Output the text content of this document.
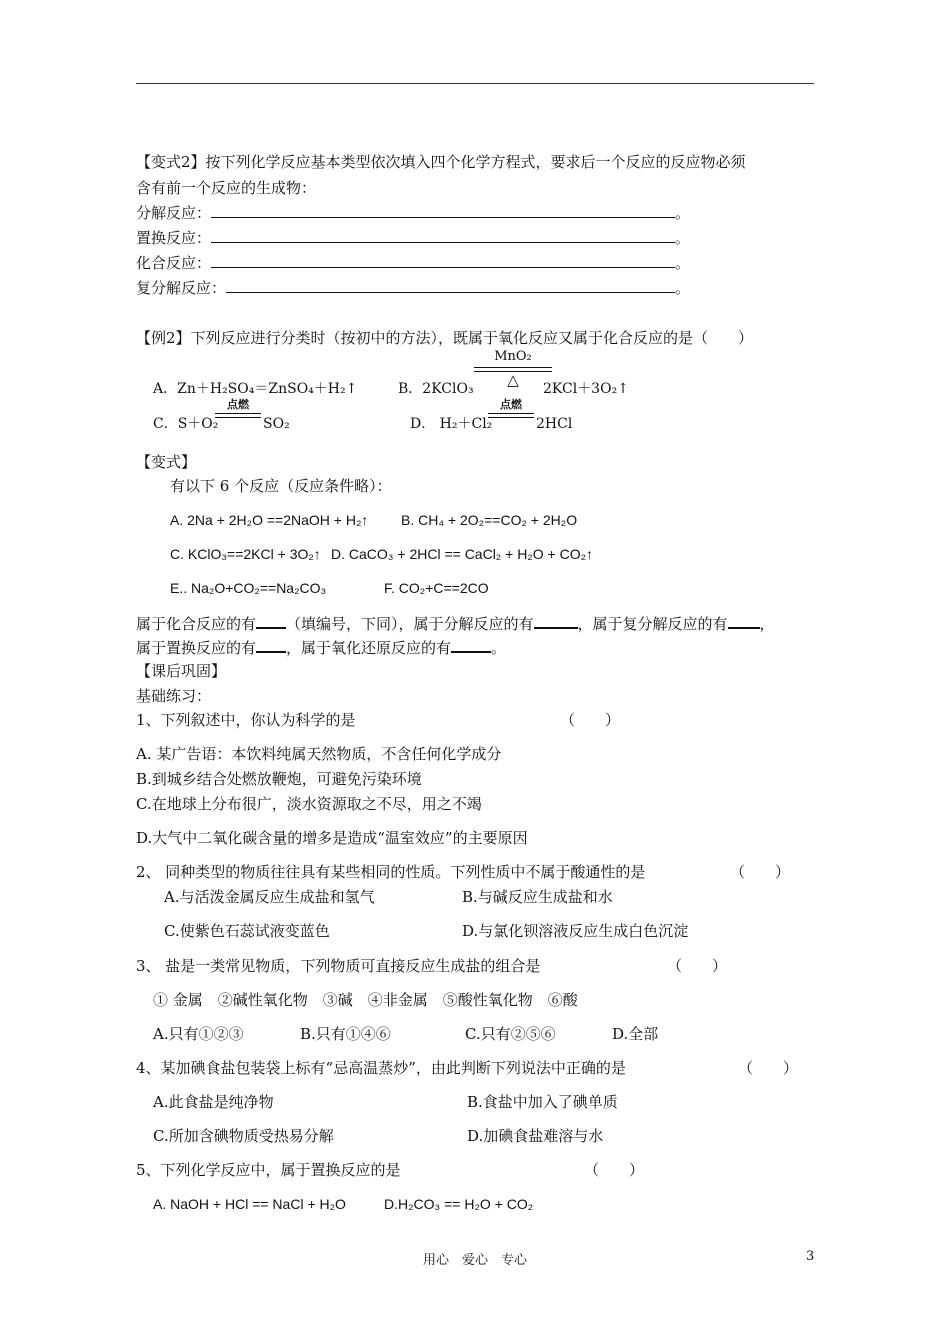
【变式2】按下列化学反应基本类型依次填入四个化学方程式，要求后一个反应的反应物必须
含有前一个反应的生成物：
分解反应：	。
置换反应：	。
化合反应：	。
复分解反应：	。
【例2】下列反应进行分类时（按初中的方法），既属于氧化反应又属于化合反应的是（　　）
A．Zn＋H₂SO₄＝ZnSO₄＋H₂↑	B．2KClO₃
MnO₂
△	2KCl＋3O₂↑
C．S＋O₂
点燃
SO₂	D． H₂＋Cl₂
点燃
2HCl
【变式】
有以下 6 个反应（反应条件略）：
A. 2Na + 2H₂O ==2NaOH + H₂↑ B. CH₄ + 2O₂==CO₂ + 2H₂O
C. KClO₃==2KCl + 3O₂↑ D. CaCO₃ + 2HCl == CaCl₂ + H₂O + CO₂↑
E.. Na₂O+CO₂==Na₂CO₃	F. CO₂+C==2CO
属于化合反应的有 （填编号，下同），属于分解反应的有	，属于复分解反应的有 ，
属于置换反应的有 ，属于氧化还原反应的有	。
【课后巩固】
基础练习：
1、下列叙述中，你认为科学的是	（　　）
A. 某广告语：本饮料纯属天然物质，不含任何化学成分
B.到城乡结合处燃放鞭炮，可避免污染环境
C.在地球上分布很广，淡水资源取之不尽，用之不竭
D.大气中二氧化碳含量的增多是造成“温室效应”的主要原因
2、 同种类型的物质往往具有某些相同的性质。下列性质中不属于酸通性的是	（　　）
A.与活泼金属反应生成盐和氢气	B.与碱反应生成盐和水
C.使紫色石蕊试液变蓝色	D.与氯化钡溶液反应生成白色沉淀
3、 盐是一类常见物质，下列物质可直接反应生成盐的组合是	（　　）
① 金属　②碱性氧化物　③碱　④非金属　⑤酸性氧化物　⑥酸
A.只有①②③	B.只有①④⑥	C.只有②⑤⑥	D.全部
4、某加碘食盐包装袋上标有“忌高温蒸炒”，由此判断下列说法中正确的是	（　　）
A.此食盐是纯净物	B.食盐中加入了碘单质
C.所加含碘物质受热易分解	D.加碘食盐难溶与水
5、下列化学反应中，属于置换反应的是	（　　）
A. NaOH + HCl == NaCl + H₂O	D.H₂CO₃ == H₂O + CO₂
用心　爱心　专心	3
